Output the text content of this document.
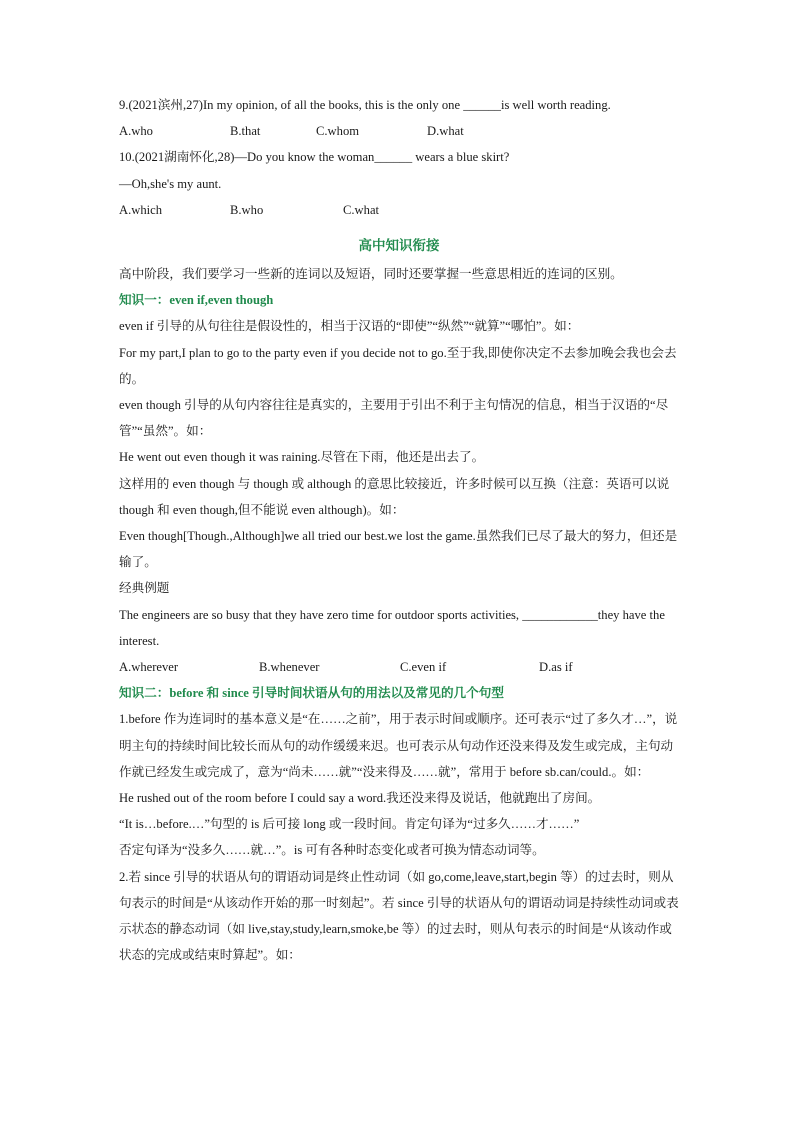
9.(2021滨州,27)In my opinion, of all the books, this is the only one ______is well worth reading.

A.who	B.that	C.whom	D.what

10.(2021湖南怀化,28)—Do you know the woman______ wears a blue skirt?

—Oh,she's my aunt.

A.which	B.who	C.what
高中知识衔接

高中阶段，我们要学习一些新的连词以及短语，同时还要掌握一些意思相近的连词的区别。

知识一：even if,even though

even if 引导的从句往往是假设性的，相当于汉语的“即使”“纵然”“就算”“哪怕”。如：

For my part,I plan to go to the party even if you decide not to go.至于我,即使你决定不去参加晚会我也会去的。

even though 引导的从句内容往往是真实的，主要用于引出不利于主句情况的信息，相当于汉语的“尽管”“虽然”。如：

He went out even though it was raining.尽管在下雨，他还是出去了。

这样用的 even though 与 though 或 although 的意思比较接近，许多时候可以互换（注意：英语可以说 though 和 even though,但不能说 even although)。如：

Even though[Though.,Although]we all tried our best.we lost the game.虽然我们已尽了最大的努力，但还是输了。

经典例题

The engineers are so busy that they have zero time for outdoor sports activities, ____________they have the interest.

A.wherever	B.whenever	C.even if	D.as if

知识二：before 和 since 引导时间状语从句的用法以及常见的几个句型

1.before 作为连词时的基本意义是“在……之前”，用于表示时间或顺序。还可表示“过了多久才…”，说明主句的持续时间比较长而从句的动作缓缓来迟。也可表示从句动作还没来得及发生或完成，主句动作就已经发生或完成了，意为“尚未……就”“没来得及……就”，常用于 before sb.can/could.。如：

He rushed out of the room before I could say a word.我还没来得及说话，他就跑出了房间。

“It is…before.…”句型的 is 后可接 long 或一段时间。肯定句译为“过多久……才……”

否定句译为“没多久……就…”。is 可有各种时态变化或者可换为情态动词等。

2.若 since 引导的状语从句的谓语动词是终止性动词（如 go,come,leave,start,begin 等）的过去时，则从句表示的时间是“从该动作开始的那一时刻起”。若 since 引导的状语从句的谓语动词是持续性动词或表示状态的静态动词（如 live,stay,study,learn,smoke,be 等）的过去时，则从句表示的时间是“从该动作或状态的完成或结束时算起”。如：
